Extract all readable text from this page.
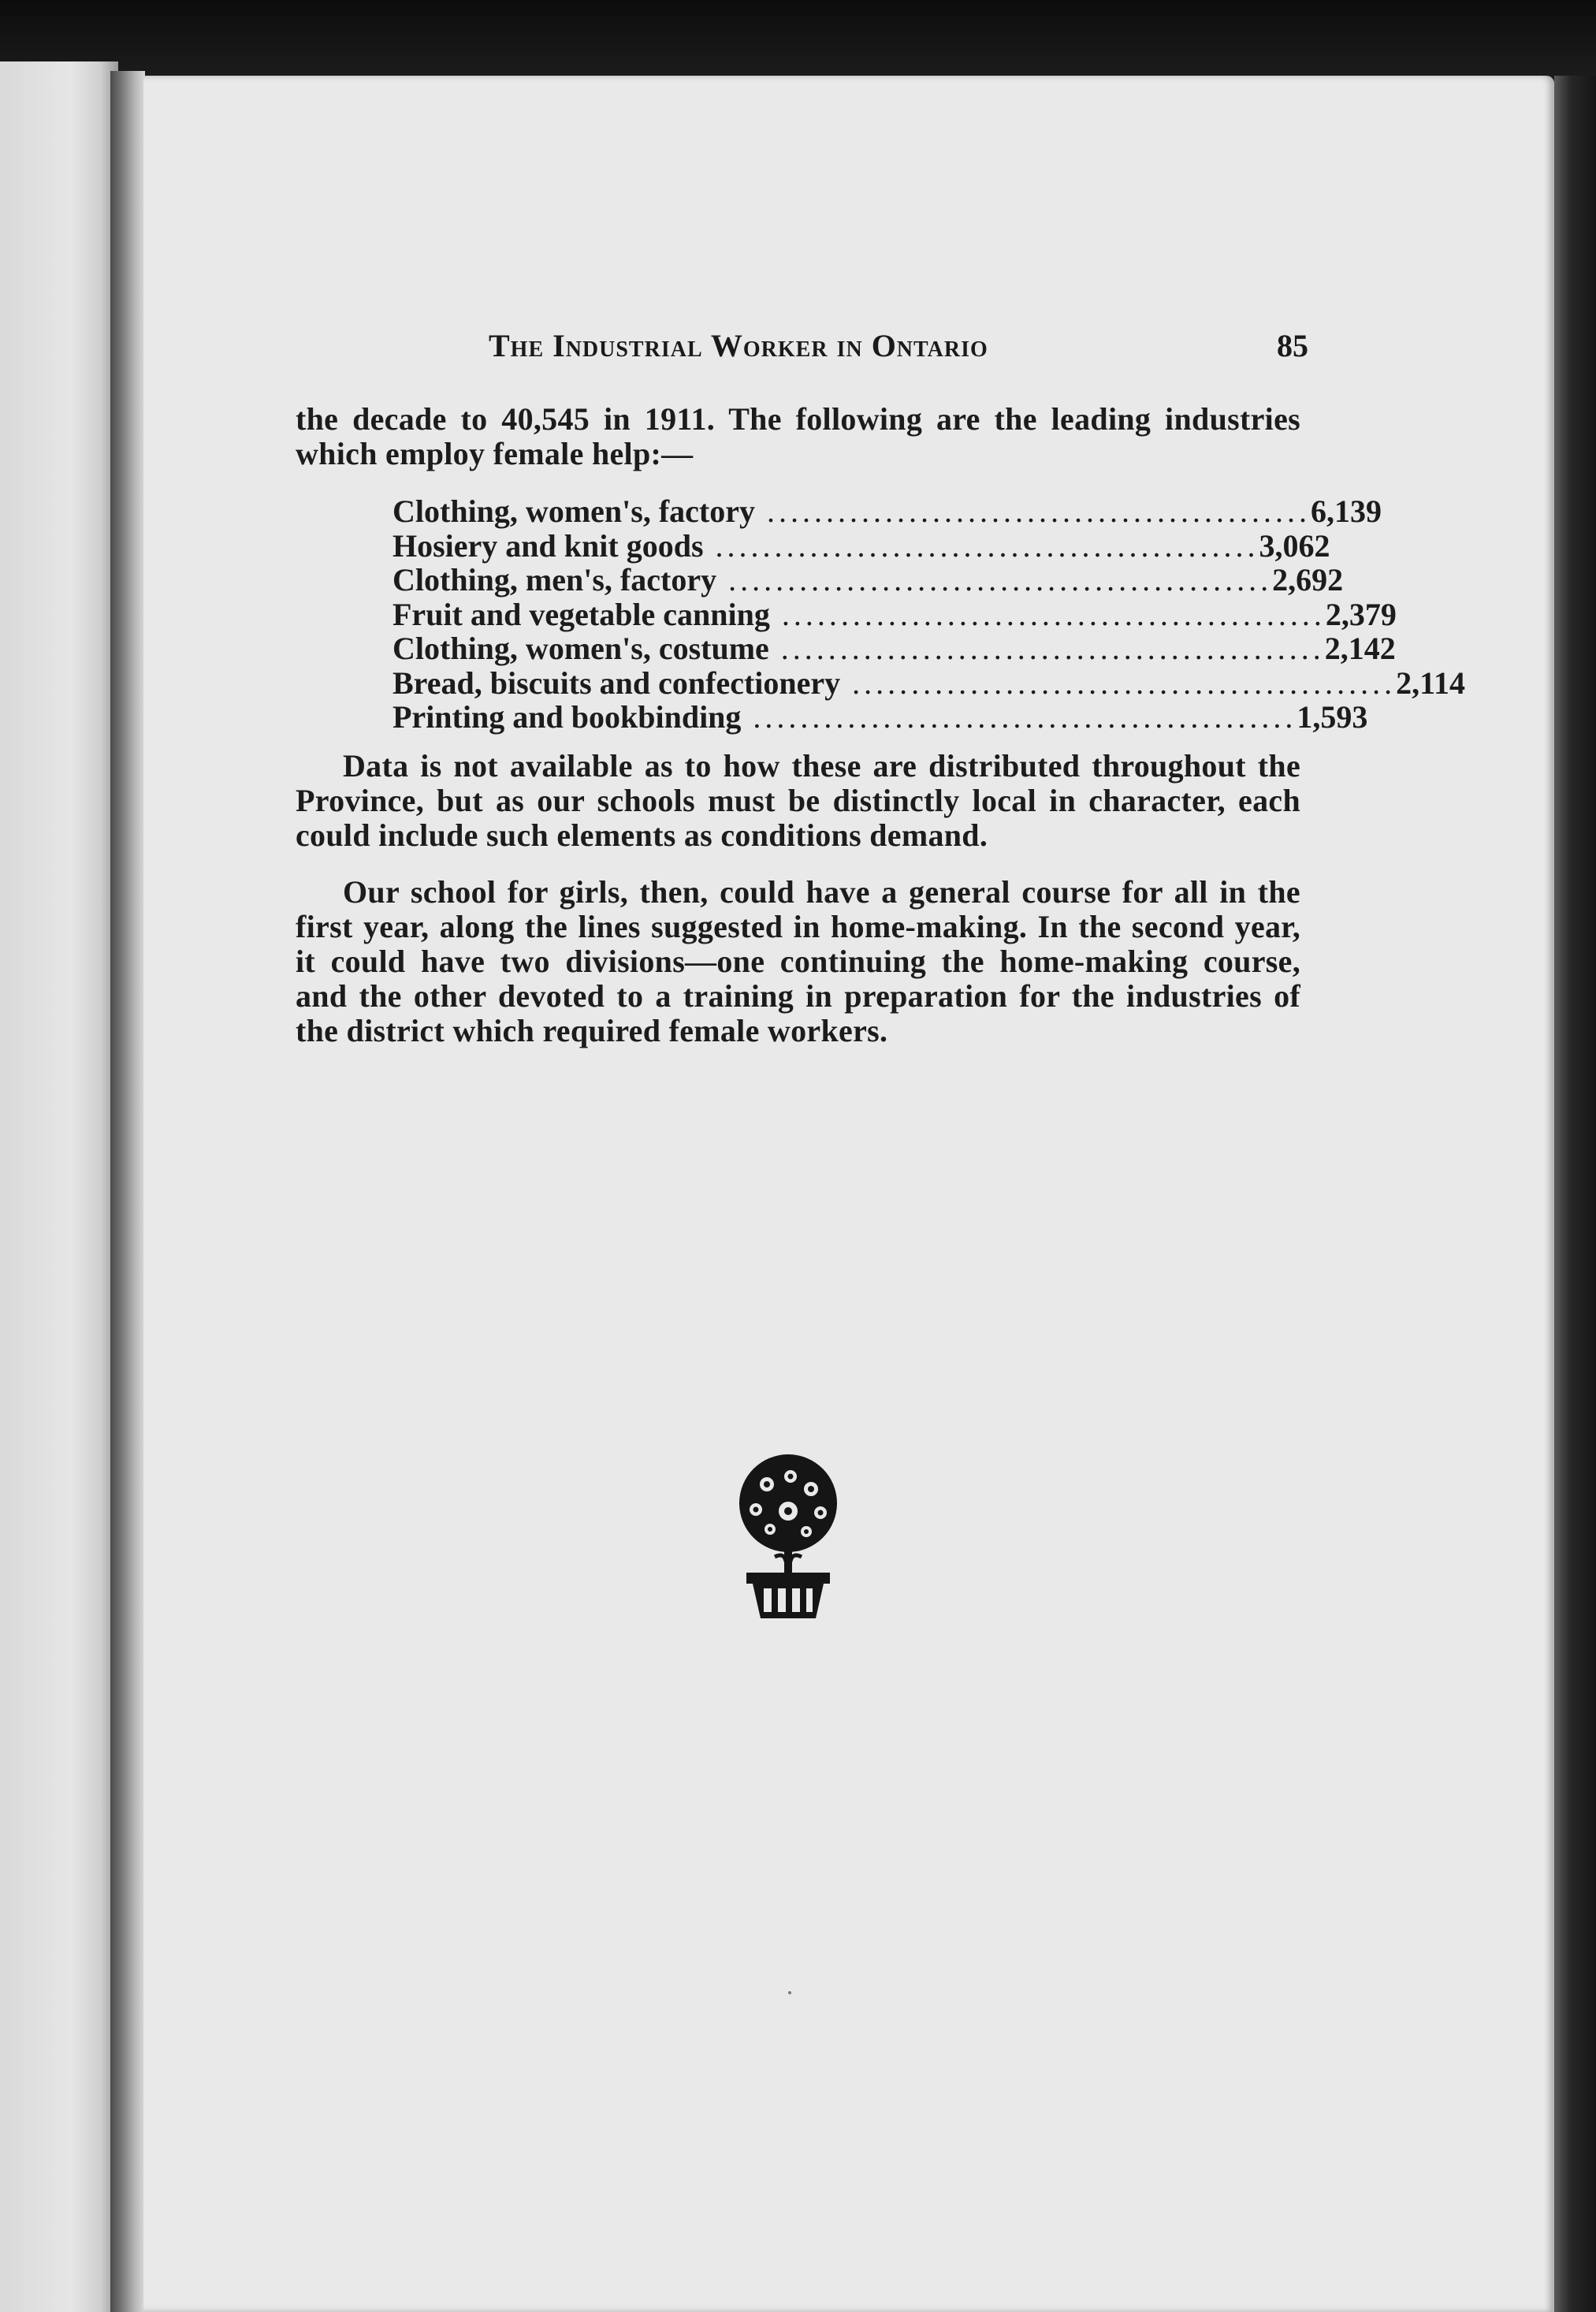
The Industrial Worker in Ontario	85

the decade to 40,545 in 1911. The following are the leading industries which employ female help:—

Clothing, women's, factory .............................................. 6,139
Hosiery and knit goods .............................................. 3,062
Clothing, men's, factory .............................................. 2,692
Fruit and vegetable canning .............................................. 2,379
Clothing, women's, costume .............................................. 2,142
Bread, biscuits and confectionery .............................................. 2,114
Printing and bookbinding .............................................. 1,593

Data is not available as to how these are distributed throughout the Province, but as our schools must be distinctly local in character, each could include such elements as conditions demand.

Our school for girls, then, could have a general course for all in the first year, along the lines suggested in home-making. In the second year, it could have two divisions—one continuing the home-making course, and the other devoted to a training in preparation for the industries of the district which required female workers.
